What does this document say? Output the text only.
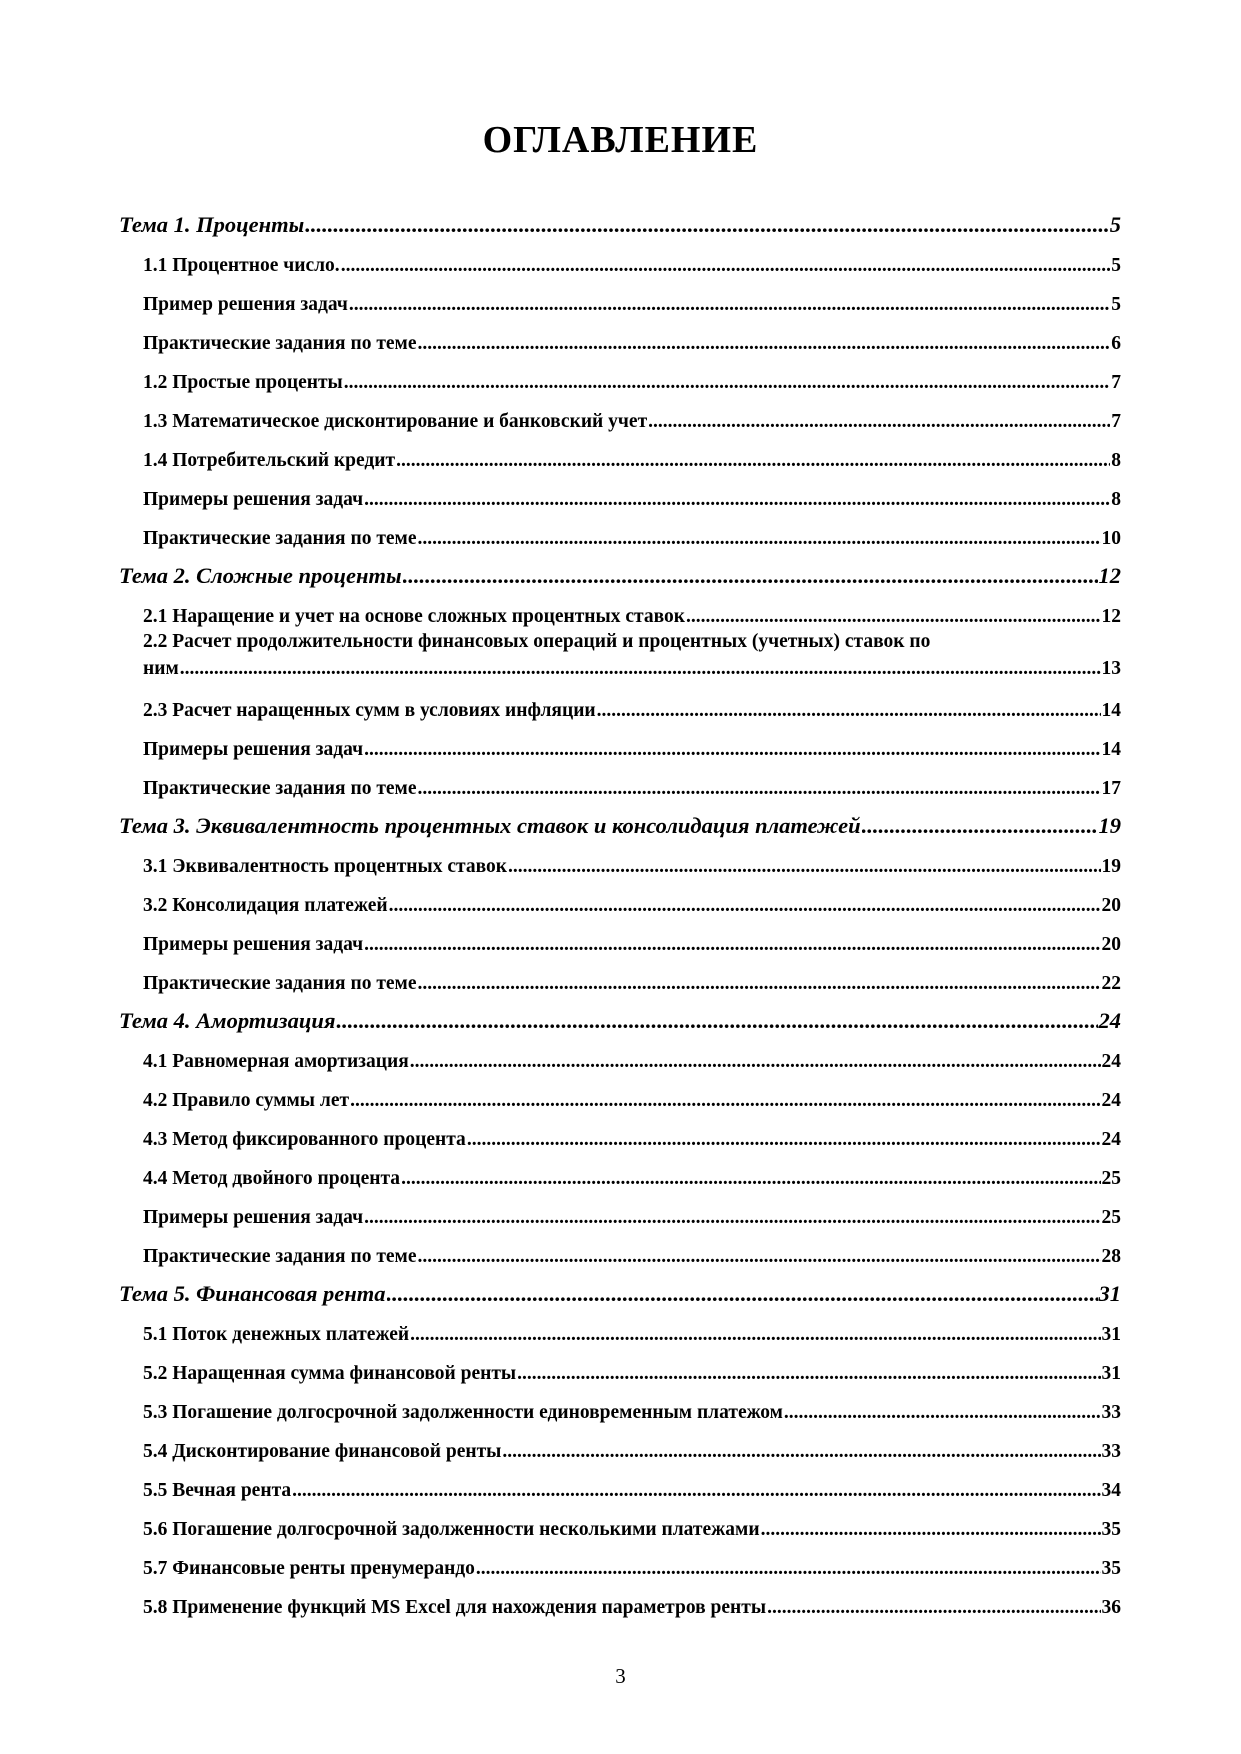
ОГЛАВЛЕНИЕ
Тема 1. Проценты .....	5
1.1 Процентное число. .....	5
Пример решения задач .....	5
Практические задания по теме .....	6
1.2 Простые проценты .....	7
1.3 Математическое дисконтирование и банковский учет .....	7
1.4 Потребительский кредит .....	8
Примеры решения задач .....	8
Практические задания по теме .....	10
Тема 2. Сложные проценты .....	12
2.1 Наращение и учет на основе сложных процентных ставок .....	12
2.2 Расчет продолжительности финансовых операций и процентных (учетных) ставок по
ним .....	13
2.3 Расчет наращенных сумм в условиях инфляции .....	14
Примеры решения задач .....	14
Практические задания по теме .....	17
Тема 3. Эквивалентность процентных ставок и консолидация платежей .....	19
3.1 Эквивалентность процентных ставок .....	19
3.2 Консолидация платежей .....	20
Примеры решения задач .....	20
Практические задания по теме .....	22
Тема 4. Амортизация .....	24
4.1 Равномерная амортизация .....	24
4.2 Правило суммы лет .....	24
4.3 Метод фиксированного процента .....	24
4.4 Метод двойного процента .....	25
Примеры решения задач .....	25
Практические задания по теме .....	28
Тема 5. Финансовая рента .....	31
5.1 Поток денежных платежей .....	31
5.2 Наращенная сумма финансовой ренты .....	31
5.3 Погашение долгосрочной задолженности единовременным платежом .....	33
5.4 Дисконтирование финансовой ренты .....	33
5.5 Вечная рента .....	34
5.6 Погашение долгосрочной задолженности несколькими платежами .....	35
5.7 Финансовые ренты пренумерандо .....	35
5.8 Применение функций MS Excel для нахождения параметров ренты .....	36
3
